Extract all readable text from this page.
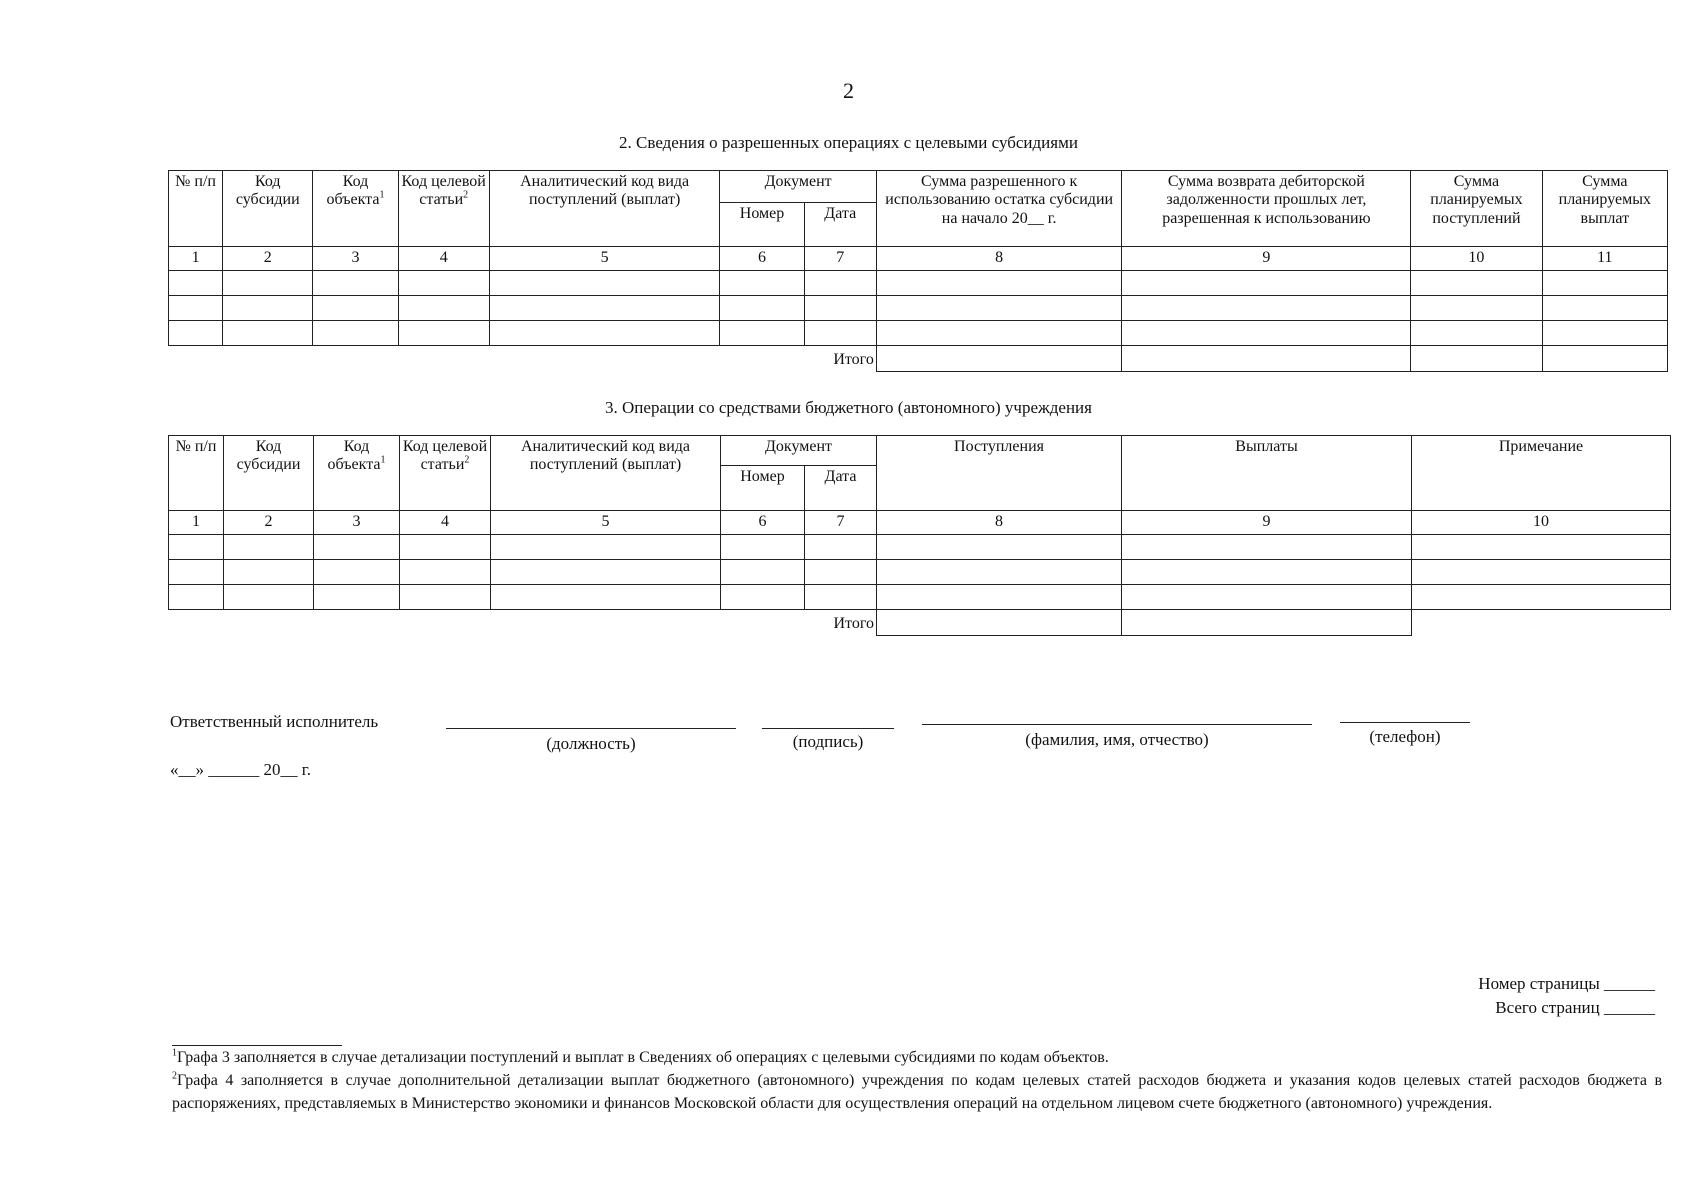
2
2. Сведения о разрешенных операциях с целевыми субсидиями
№ п/п	Код субсидии	Код объекта$^1$	Код целевой статьи$^2$	Аналитический код вида поступлений (выплат)	Документ		Сумма разрешенного к использованию остатка субсидии на начало 20__ г.	Сумма возврата дебиторской задолженности прошлых лет, разрешенная к использованию	Сумма планируемых поступлений	Сумма планируемых выплат
					Номер	Дата				
1	2	3	4	5	6	7	8	9	10	11

					Итого					
3. Операции со средствами бюджетного (автономного) учреждения
№ п/п	Код субсидии	Код объекта$^1$	Код целевой статьи$^2$	Аналитический код вида поступлений (выплат)	Документ		Поступления	Выплаты	Примечание
					Номер	Дата			
1	2	3	4	5	6	7	8	9	10

					Итого				
Ответственный исполнитель
(должность)	(подпись)	(фамилия, имя, отчество)	(телефон)
«__» ______ 20__ г.
Номер страницы ______
Всего страниц ______

$^1$Графа 3 заполняется в случае детализации поступлений и выплат в Сведениях об операциях с целевыми субсидиями по кодам объектов.

$^2$Графа 4 заполняется в случае дополнительной детализации выплат бюджетного (автономного) учреждения по кодам целевых статей расходов бюджета и указания кодов целевых статей расходов бюджета в распоряжениях, представляемых в Министерство экономики и финансов Московской области для осуществления операций на отдельном лицевом счете бюджетного (автономного) учреждения.
